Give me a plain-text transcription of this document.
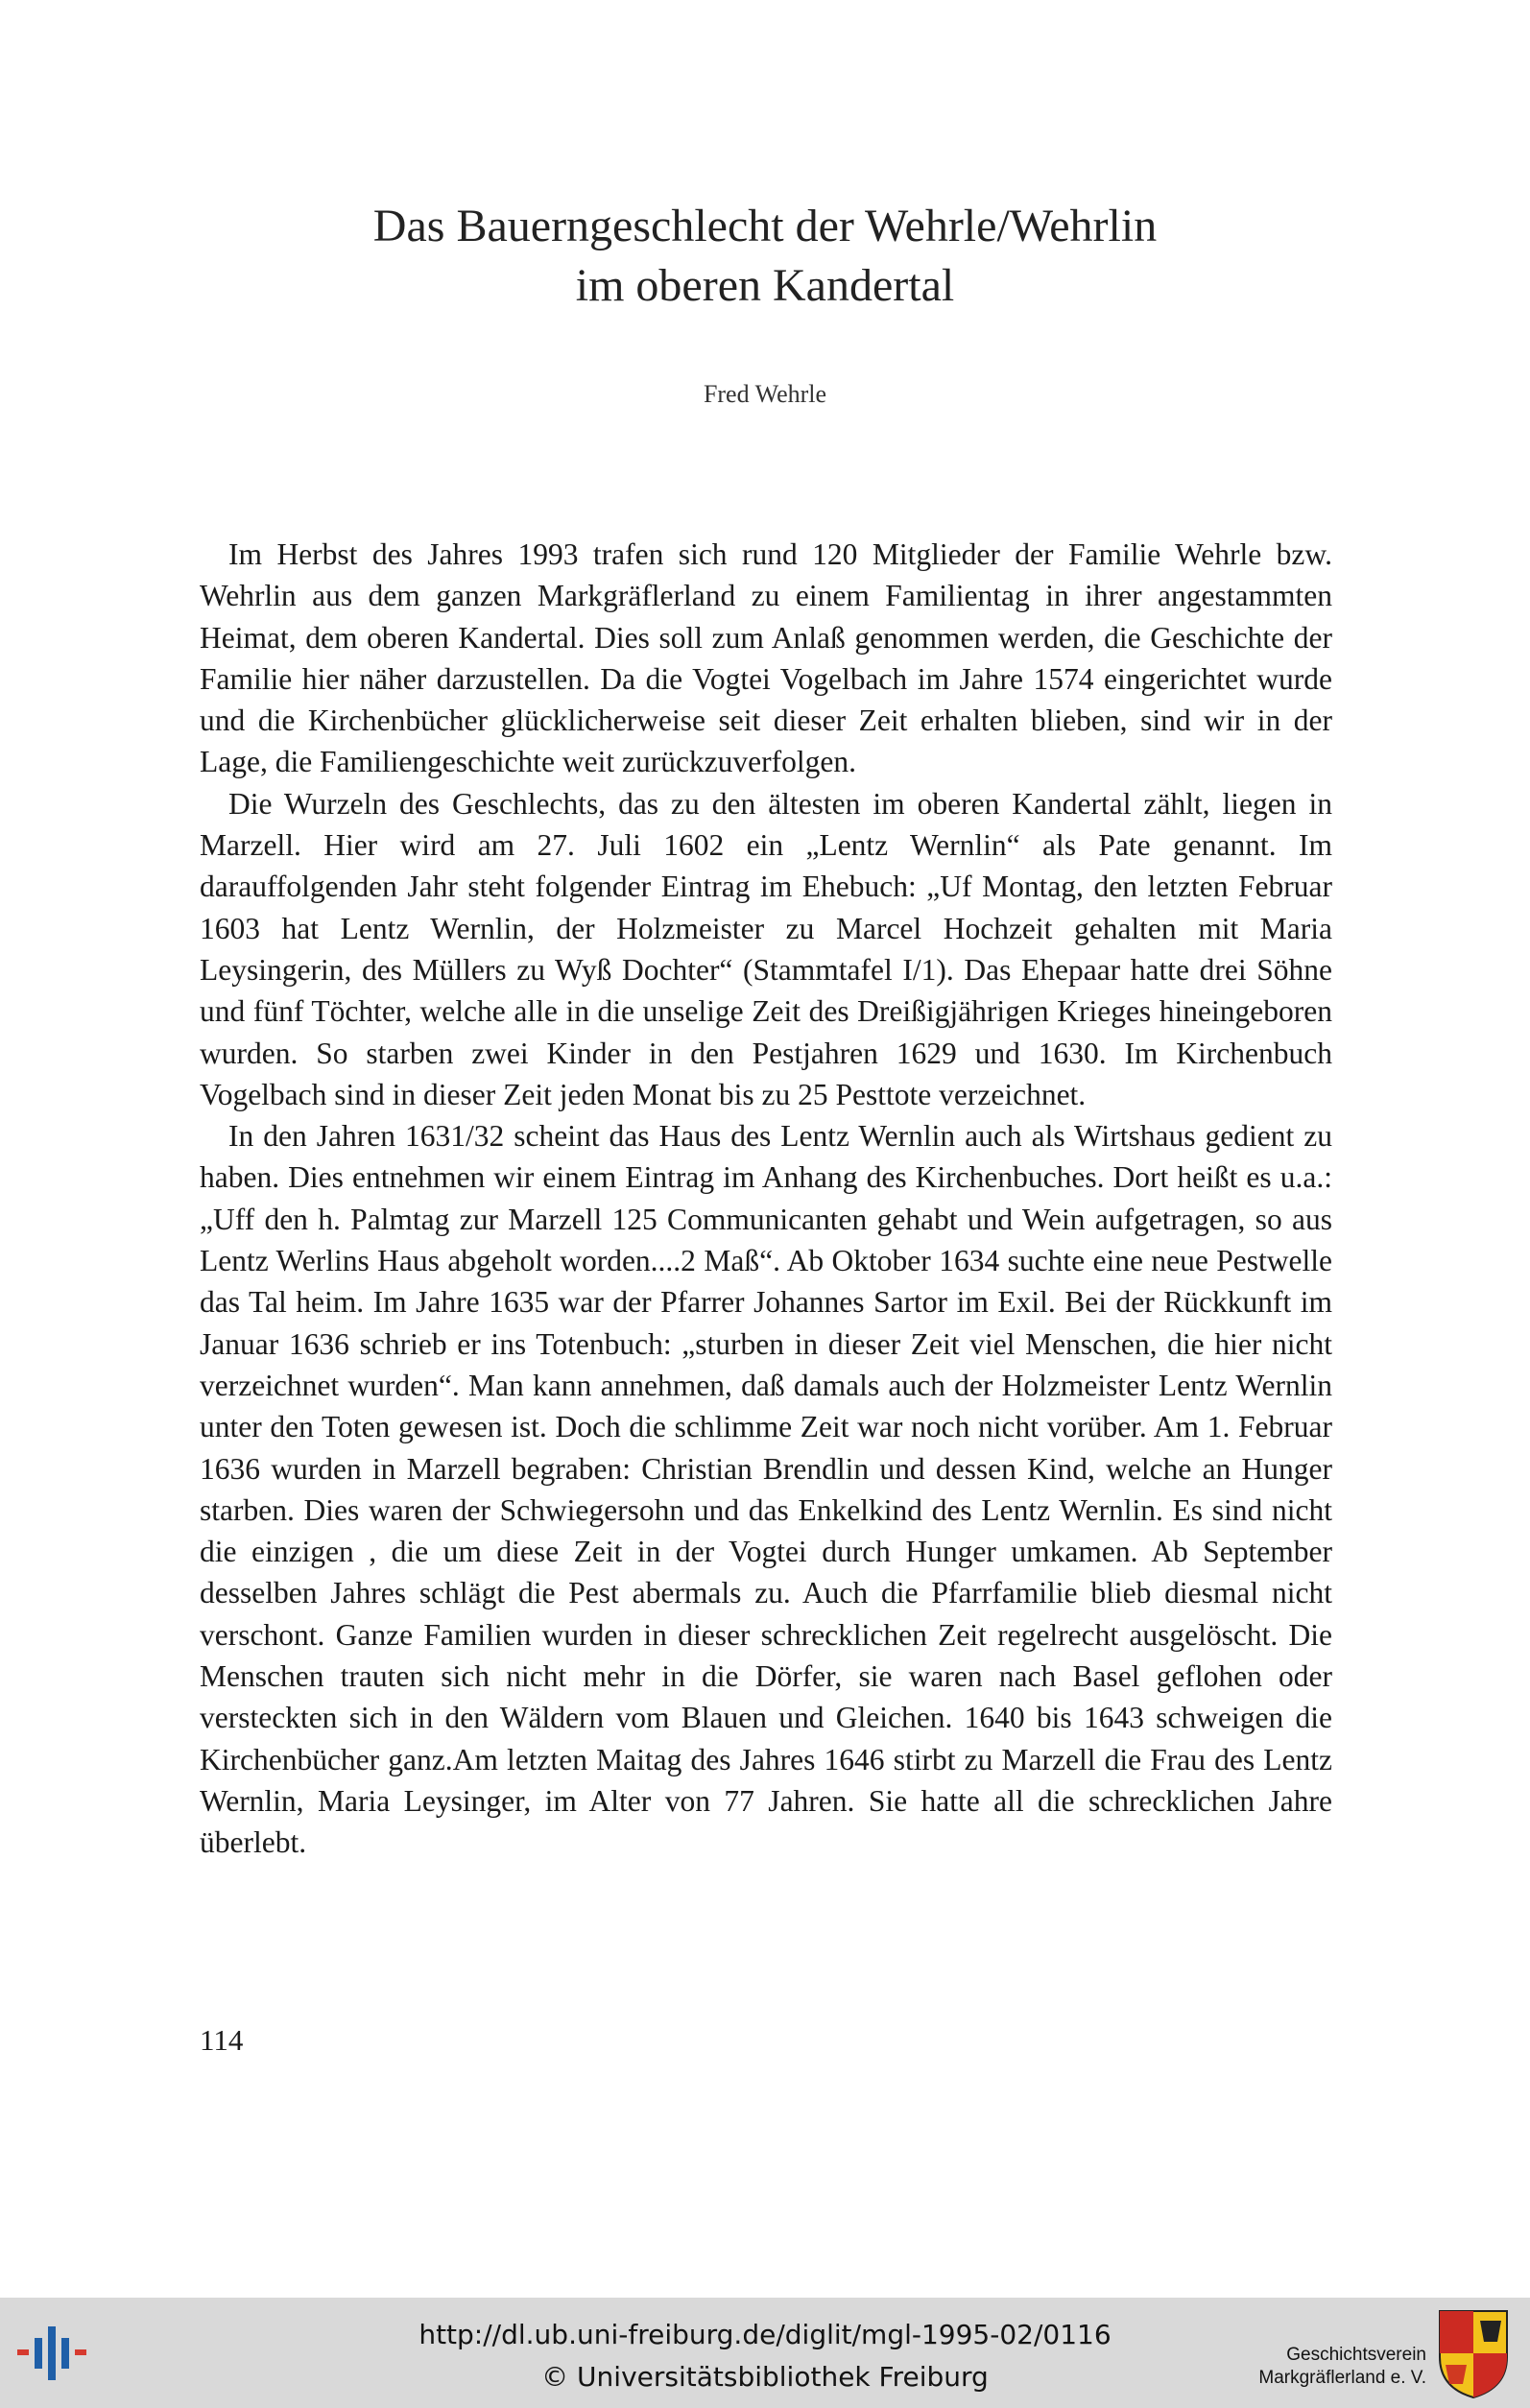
Das Bauerngeschlecht der Wehrle/Wehrlin
im oberen Kandertal
Fred Wehrle

Im Herbst des Jahres 1993 trafen sich rund 120 Mitglieder der Familie Wehrle bzw. Wehrlin aus dem ganzen Markgräflerland zu einem Familientag in ihrer angestammten Heimat, dem oberen Kandertal. Dies soll zum Anlaß genommen werden, die Geschichte der Familie hier näher darzustellen. Da die Vogtei Vogelbach im Jahre 1574 eingerichtet wurde und die Kirchenbücher glücklicherweise seit dieser Zeit erhalten blieben, sind wir in der Lage, die Familiengeschichte weit zurückzuverfolgen.

Die Wurzeln des Geschlechts, das zu den ältesten im oberen Kandertal zählt, liegen in Marzell. Hier wird am 27. Juli 1602 ein „Lentz Wernlin“ als Pate genannt. Im darauffolgenden Jahr steht folgender Eintrag im Ehebuch: „Uf Montag, den letzten Februar 1603 hat Lentz Wernlin, der Holzmeister zu Marcel Hochzeit gehalten mit Maria Leysingerin, des Müllers zu Wyß Dochter“ (Stammtafel I/1). Das Ehepaar hatte drei Söhne und fünf Töchter, welche alle in die unselige Zeit des Dreißigjährigen Krieges hineingeboren wurden. So starben zwei Kinder in den Pestjahren 1629 und 1630. Im Kirchenbuch Vogelbach sind in dieser Zeit jeden Monat bis zu 25 Pesttote verzeichnet.

In den Jahren 1631/32 scheint das Haus des Lentz Wernlin auch als Wirtshaus gedient zu haben. Dies entnehmen wir einem Eintrag im Anhang des Kirchenbuches. Dort heißt es u.a.: „Uff den h. Palmtag zur Marzell 125 Communicanten gehabt und Wein aufgetragen, so aus Lentz Werlins Haus abgeholt worden....2 Maß“. Ab Oktober 1634 suchte eine neue Pestwelle das Tal heim. Im Jahre 1635 war der Pfarrer Johannes Sartor im Exil. Bei der Rückkunft im Januar 1636 schrieb er ins Totenbuch: „sturben in dieser Zeit viel Menschen, die hier nicht verzeichnet wurden“. Man kann annehmen, daß damals auch der Holzmeister Lentz Wernlin unter den Toten gewesen ist. Doch die schlimme Zeit war noch nicht vorüber. Am 1. Februar 1636 wurden in Marzell begraben: Christian Brendlin und dessen Kind, welche an Hunger starben. Dies waren der Schwiegersohn und das Enkelkind des Lentz Wernlin. Es sind nicht die einzigen , die um diese Zeit in der Vogtei durch Hunger umkamen. Ab September desselben Jahres schlägt die Pest abermals zu. Auch die Pfarrfamilie blieb diesmal nicht verschont. Ganze Familien wurden in dieser schrecklichen Zeit regelrecht ausgelöscht. Die Menschen trauten sich nicht mehr in die Dörfer, sie waren nach Basel geflohen oder versteckten sich in den Wäldern vom Blauen und Gleichen. 1640 bis 1643 schweigen die Kirchenbücher ganz.Am letzten Maitag des Jahres 1646 stirbt zu Marzell die Frau des Lentz Wernlin, Maria Leysinger, im Alter von 77 Jahren. Sie hatte all die schrecklichen Jahre überlebt.

114
http://dl.ub.uni-freiburg.de/diglit/mgl-1995-02/0116
© Universitätsbibliothek Freiburg
Geschichtsverein
Markgräflerland e. V.
